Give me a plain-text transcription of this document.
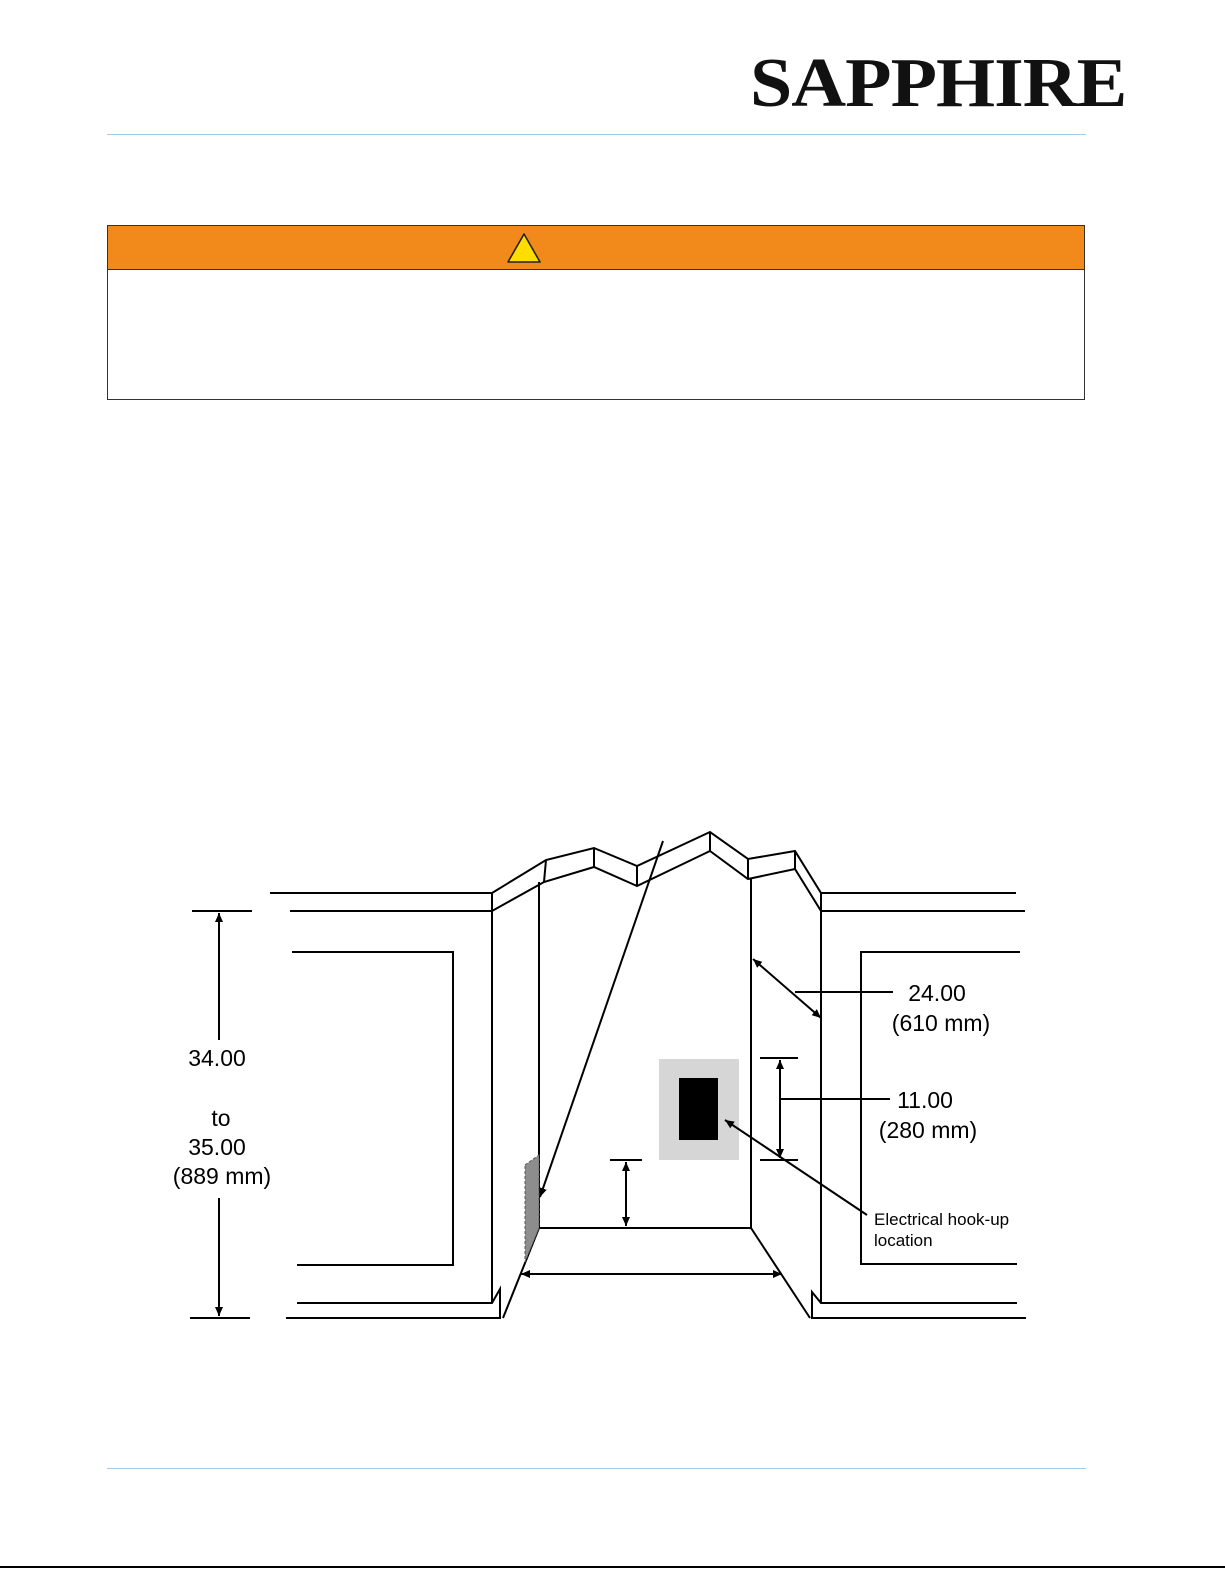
SAPPHIRE
34.00
to
35.00
(889 mm)
24.00
(610 mm)
11.00
(280 mm)
Electrical hook-up
location
